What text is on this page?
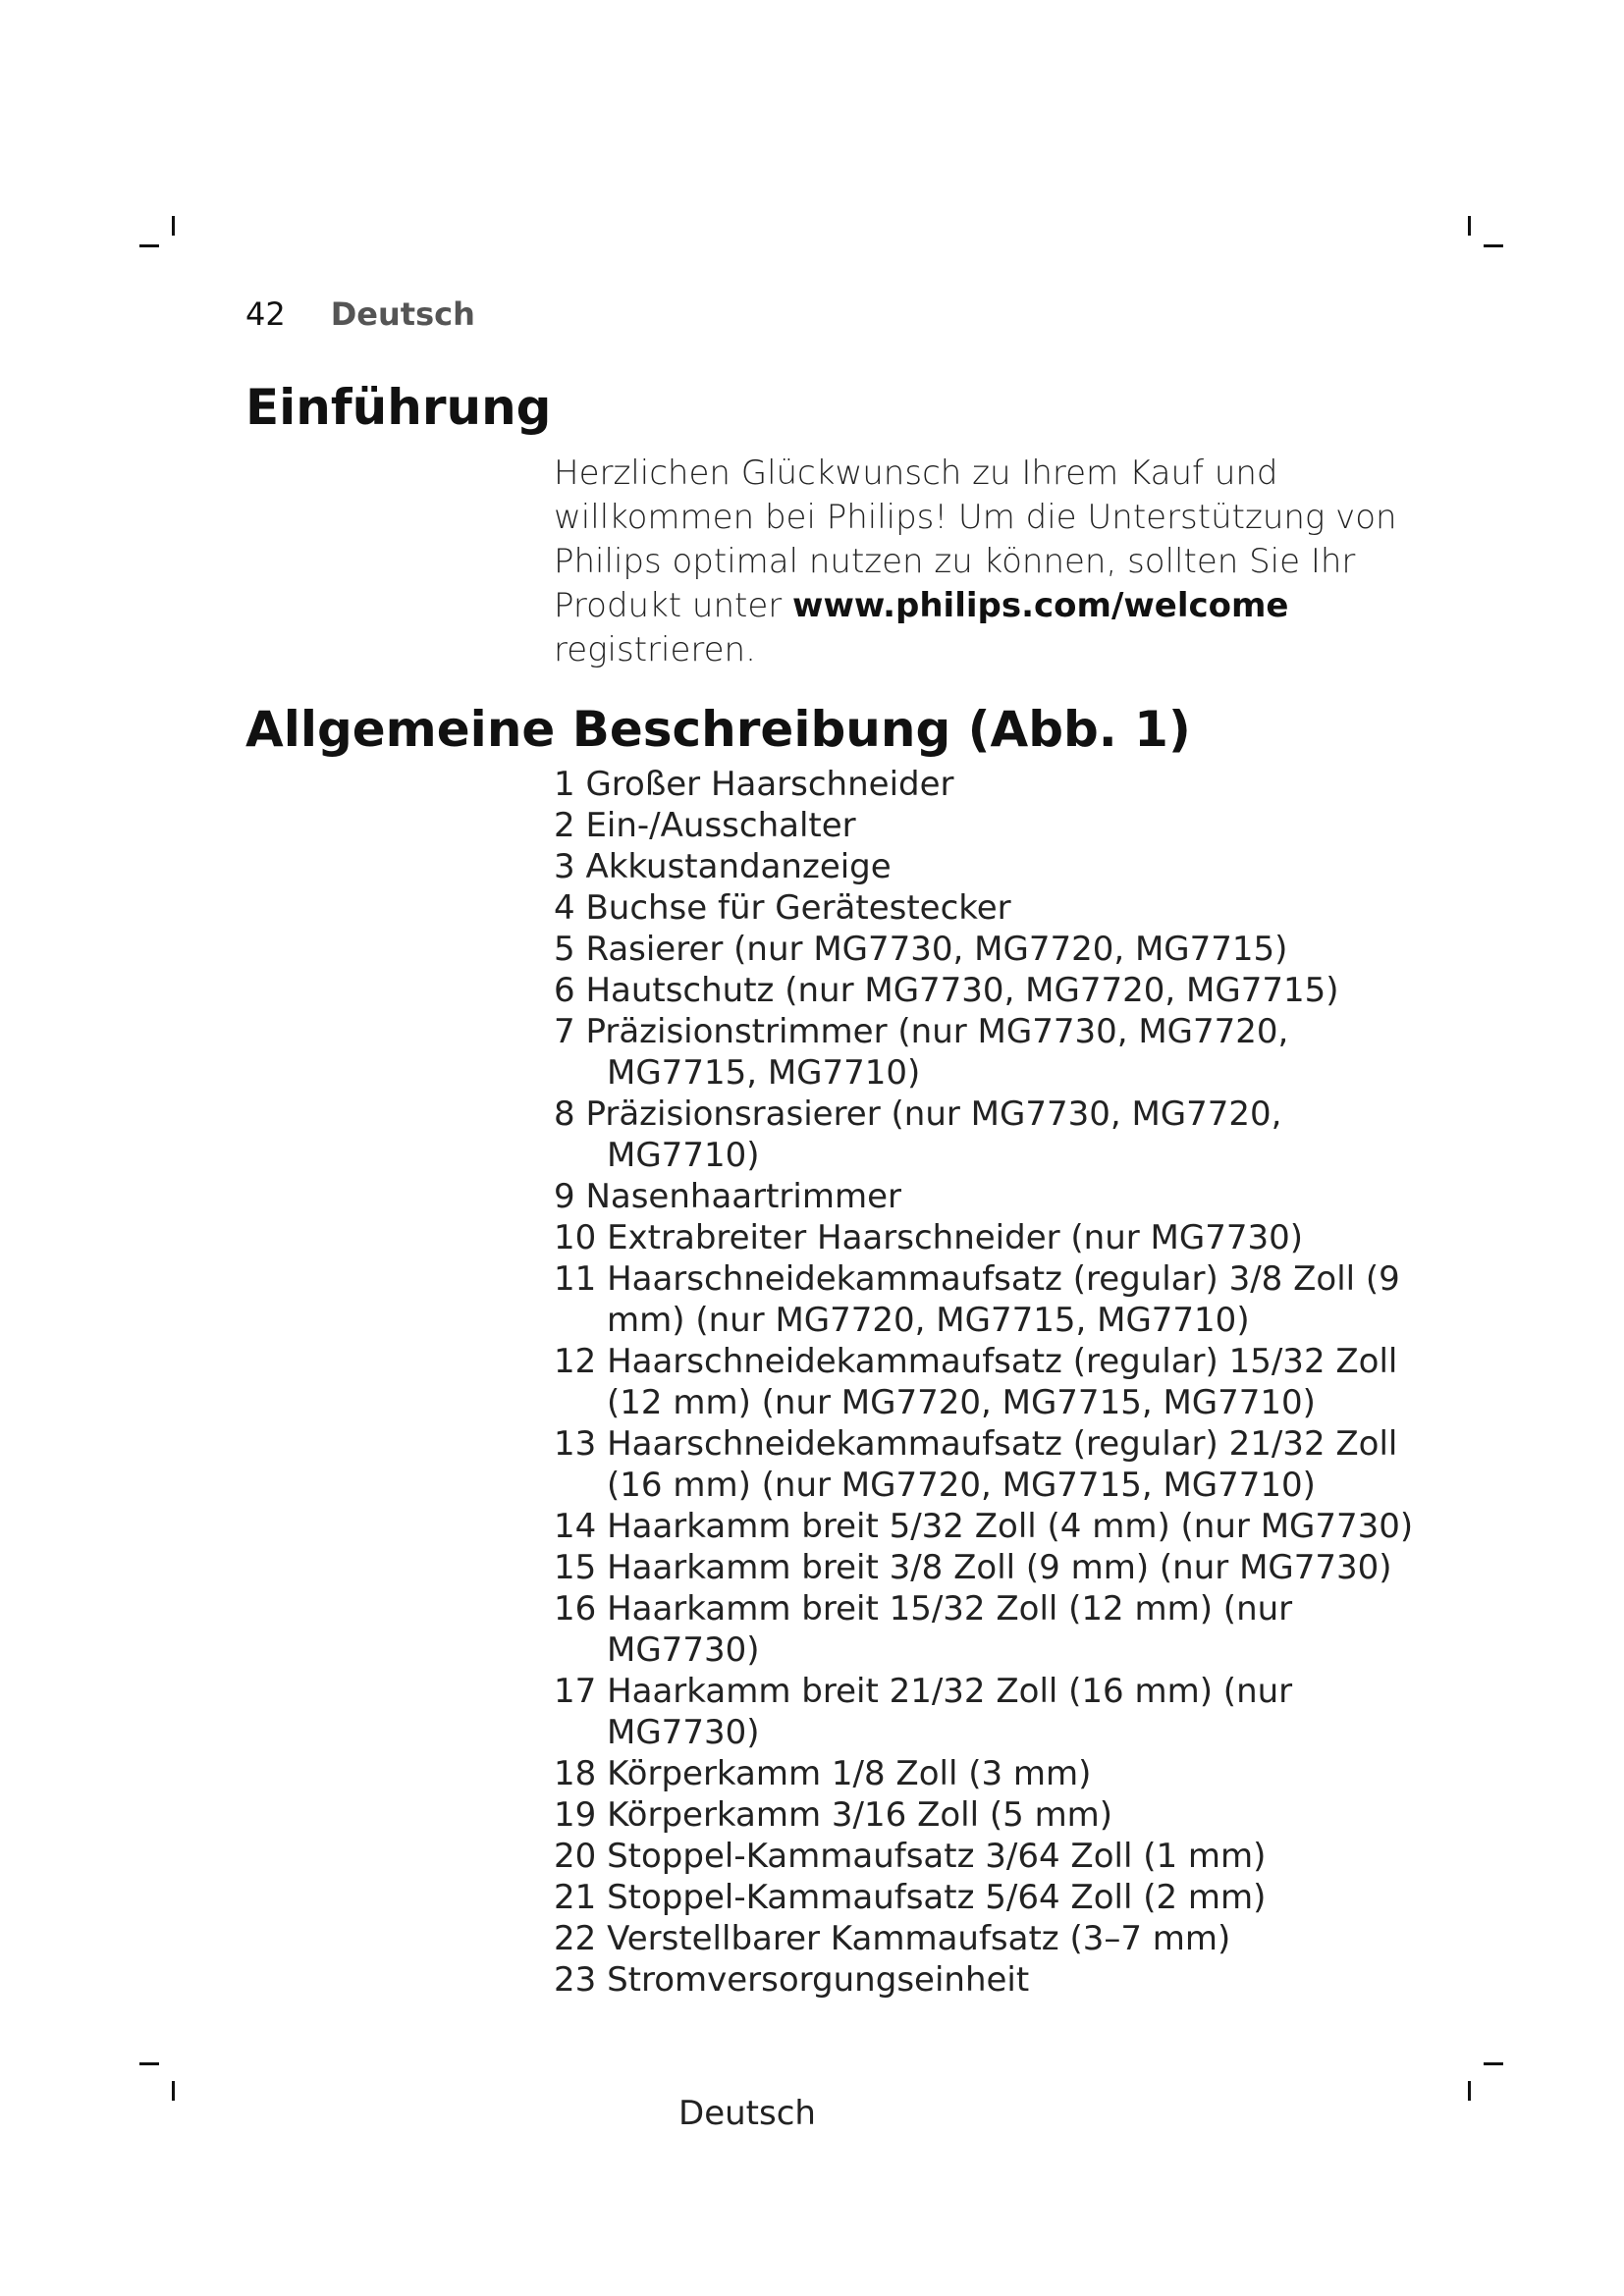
42 Deutsch
Einführung

Herzlichen Glückwunsch zu Ihrem Kauf und willkommen bei Philips! Um die Unterstützung von Philips optimal nutzen zu können, sollten Sie Ihr Produkt unter www.philips.com/welcome registrieren.

Allgemeine Beschreibung (Abb. 1)
1 Großer Haarschneider
2 Ein-/Ausschalter
3 Akkustandanzeige
4 Buchse für Gerätestecker
5 Rasierer (nur MG7730, MG7720, MG7715)
6 Hautschutz (nur MG7730, MG7720, MG7715)
7 Präzisionstrimmer (nur MG7730, MG7720, MG7715, MG7710)
8 Präzisionsrasierer (nur MG7730, MG7720, MG7710)
9 Nasenhaartrimmer
10 Extrabreiter Haarschneider (nur MG7730)
11 Haarschneidekammaufsatz (regular) 3/8 Zoll (9 mm) (nur MG7720, MG7715, MG7710)
12 Haarschneidekammaufsatz (regular) 15/32 Zoll (12 mm) (nur MG7720, MG7715, MG7710)
13 Haarschneidekammaufsatz (regular) 21/32 Zoll (16 mm) (nur MG7720, MG7715, MG7710)
14 Haarkamm breit 5/32 Zoll (4 mm) (nur MG7730)
15 Haarkamm breit 3/8 Zoll (9 mm) (nur MG7730)
16 Haarkamm breit 15/32 Zoll (12 mm) (nur MG7730)
17 Haarkamm breit 21/32 Zoll (16 mm) (nur MG7730)
18 Körperkamm 1/8 Zoll (3 mm)
19 Körperkamm 3/16 Zoll (5 mm)
20 Stoppel-Kammaufsatz 3/64 Zoll (1 mm)
21 Stoppel-Kammaufsatz 5/64 Zoll (2 mm)
22 Verstellbarer Kammaufsatz (3–7 mm)
23 Stromversorgungseinheit
Deutsch
